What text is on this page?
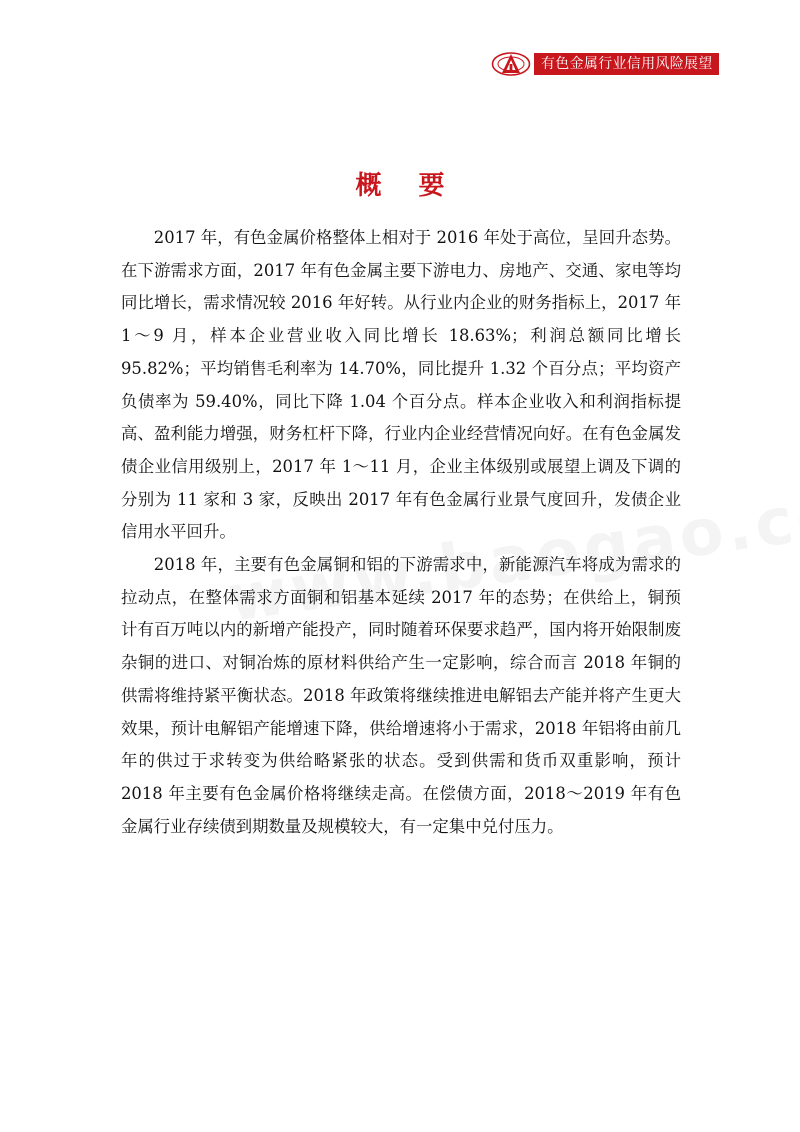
有色金属行业信用风险展望
概 要

2017 年，有色金属价格整体上相对于 2016 年处于高位，呈回升态势。在下游需求方面，2017 年有色金属主要下游电力、房地产、交通、家电等均同比增长，需求情况较 2016 年好转。从行业内企业的财务指标上，2017 年 1～9 月，样本企业营业收入同比增长 18.63%；利润总额同比增长 95.82%；平均销售毛利率为 14.70%，同比提升 1.32 个百分点；平均资产负债率为 59.40%，同比下降 1.04 个百分点。样本企业收入和利润指标提高、盈利能力增强，财务杠杆下降，行业内企业经营情况向好。在有色金属发债企业信用级别上，2017 年 1～11 月，企业主体级别或展望上调及下调的分别为 11 家和 3 家，反映出 2017 年有色金属行业景气度回升，发债企业信用水平回升。

2018 年，主要有色金属铜和铝的下游需求中，新能源汽车将成为需求的拉动点，在整体需求方面铜和铝基本延续 2017 年的态势；在供给上，铜预计有百万吨以内的新增产能投产，同时随着环保要求趋严，国内将开始限制废杂铜的进口、对铜冶炼的原材料供给产生一定影响，综合而言 2018 年铜的供需将维持紧平衡状态。2018 年政策将继续推进电解铝去产能并将产生更大效果，预计电解铝产能增速下降，供给增速将小于需求，2018 年铝将由前几年的供过于求转变为供给略紧张的状态。受到供需和货币双重影响，预计 2018 年主要有色金属价格将继续走高。在偿债方面，2018～2019 年有色金属行业存续债到期数量及规模较大，有一定集中兑付压力。
